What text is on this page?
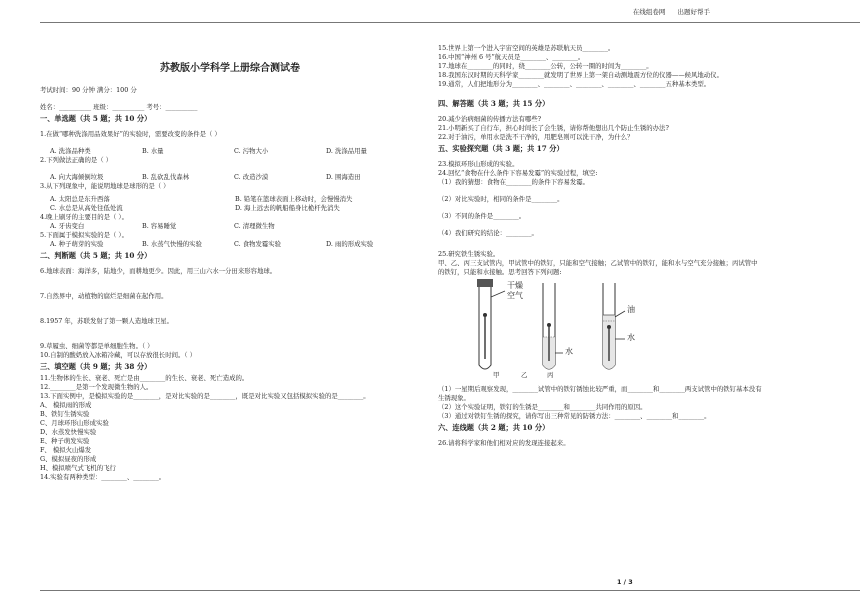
在线组卷网 出题好帮手
苏教版小学科学上册综合测试卷
考试时间：90 分钟 满分：100 分
姓名：__________ 班级：__________ 考号：__________
一、单选题（共 5 题；共 10 分）
1.在做“哪种洗涤用品效果好”的实验时，需要改变的条件是（ ）
A. 洗涤品种类	B. 水量	C. 污物大小	D. 洗涤品用量
2.下列做法正确的是（ ）
A. 向大海倾倒垃圾	B. 乱砍乱伐森林	C. 改造沙漠	D. 围海造田
3.从下列现象中，能说明地球是球形的是（ ）
A. 太阳总是东升西落	B. 铅笔在篮球表面上移动时，会慢慢消失
C. 水总是从高处往低处流	D. 海上远去的帆船船身比桅杆先消失
4.晚上刷牙的主要目的是（ ）。
A. 牙齿变白	B. 容易睡觉	C. 清理微生物
5.下面属于模拟实验的是（ ）。
A. 种子萌芽的实验	B. 水蒸气快慢的实验	C. 食物发霉实验	D. 雨的形成实验
二、判断题（共 5 题；共 10 分）
6.地球表面：海洋多，陆地少，而耕地更少。因此，用三山六水一分田来形容地球。
7.自然界中，动植物的腐烂是细菌在起作用。
8.1957 年，苏联发射了第一颗人造地球卫星。
9.草履虫、细菌等都是单细胞生物。（ ）
10.自制的酸奶放入冰箱冷藏，可以存放很长时间。（ ）
三、填空题（共 9 题；共 38 分）
11.生物体的生长、衰老、死亡是由________的生长、衰老、死亡造成的。
12.________是第一个发现微生物的人。
13.下面实例中，是模拟实验的是________，是对比实验的是________，既是对比实验又包括模拟实验的是________。
A、 模拟雨的形成
B、铁钉生锈实验
C、月球环形山形成实验
D、水蒸发快慢实验
E、种子萌发实验
F、 模拟火山爆发
G、模拟昼夜的形成
H、模拟喷气式飞机的飞行
14.实验有两种类型：________、________。
15.世界上第一个进入宇宙空间的英雄是苏联航天员________。
16.中国“神州 6 号”航天员是________、________。
17.地球在________的同时，绕________公转，公转一圈的时间为________。
18.我国东汉时期的天科学家________就发明了世界上第一架自动测地震方位的仪器——候风地动仪。
19.通常，人们把地形分为________、________、________、________、________五种基本类型。
四、解答题（共 3 题；共 15 分）
20.减少治病细菌的传播方法有哪些?
21.小明新买了自行车，担心时间长了会生锈，请你帮他想出几个防止生锈的办法?
22.对于油污，单用水是洗不干净的，用肥皂则可以洗干净，为什么？
五、实验探究题（共 3 题；共 17 分）
23.模拟环形山形成的实验。
24.回忆“食物在什么条件下容易发霉”的实验过程，填空:
（1）我的猜想：食物在________的条件下容易发霉。
（2）对比实验时，相同的条件是________。
（3）不同的条件是________。
（4）我们研究的结论：________。
25.研究铁生锈实验。
甲、乙、丙三支试管内，甲试管中的铁钉，只能和空气接触；乙试管中的铁钉，能和水与空气充分接触；丙试管中
的铁钉，只能和水接触。思考回答下列问题:
干燥
空气
水
油
水
甲	乙	丙
（1）一星期后观察发现，________试管中的铁钉锈蚀比较严重，而________和________两支试管中的铁钉基本没有
生锈现象。
（2）这个实验证明，铁钉的生锈是________和________共同作用的原因。
（3）通过对铁钉生锈的探究，请你写出三种常见的防锈方法：________、________和________。
六、连线题（共 2 题；共 10 分）
26.请将科学家和他们相对应的发现连接起来。
1 / 3
